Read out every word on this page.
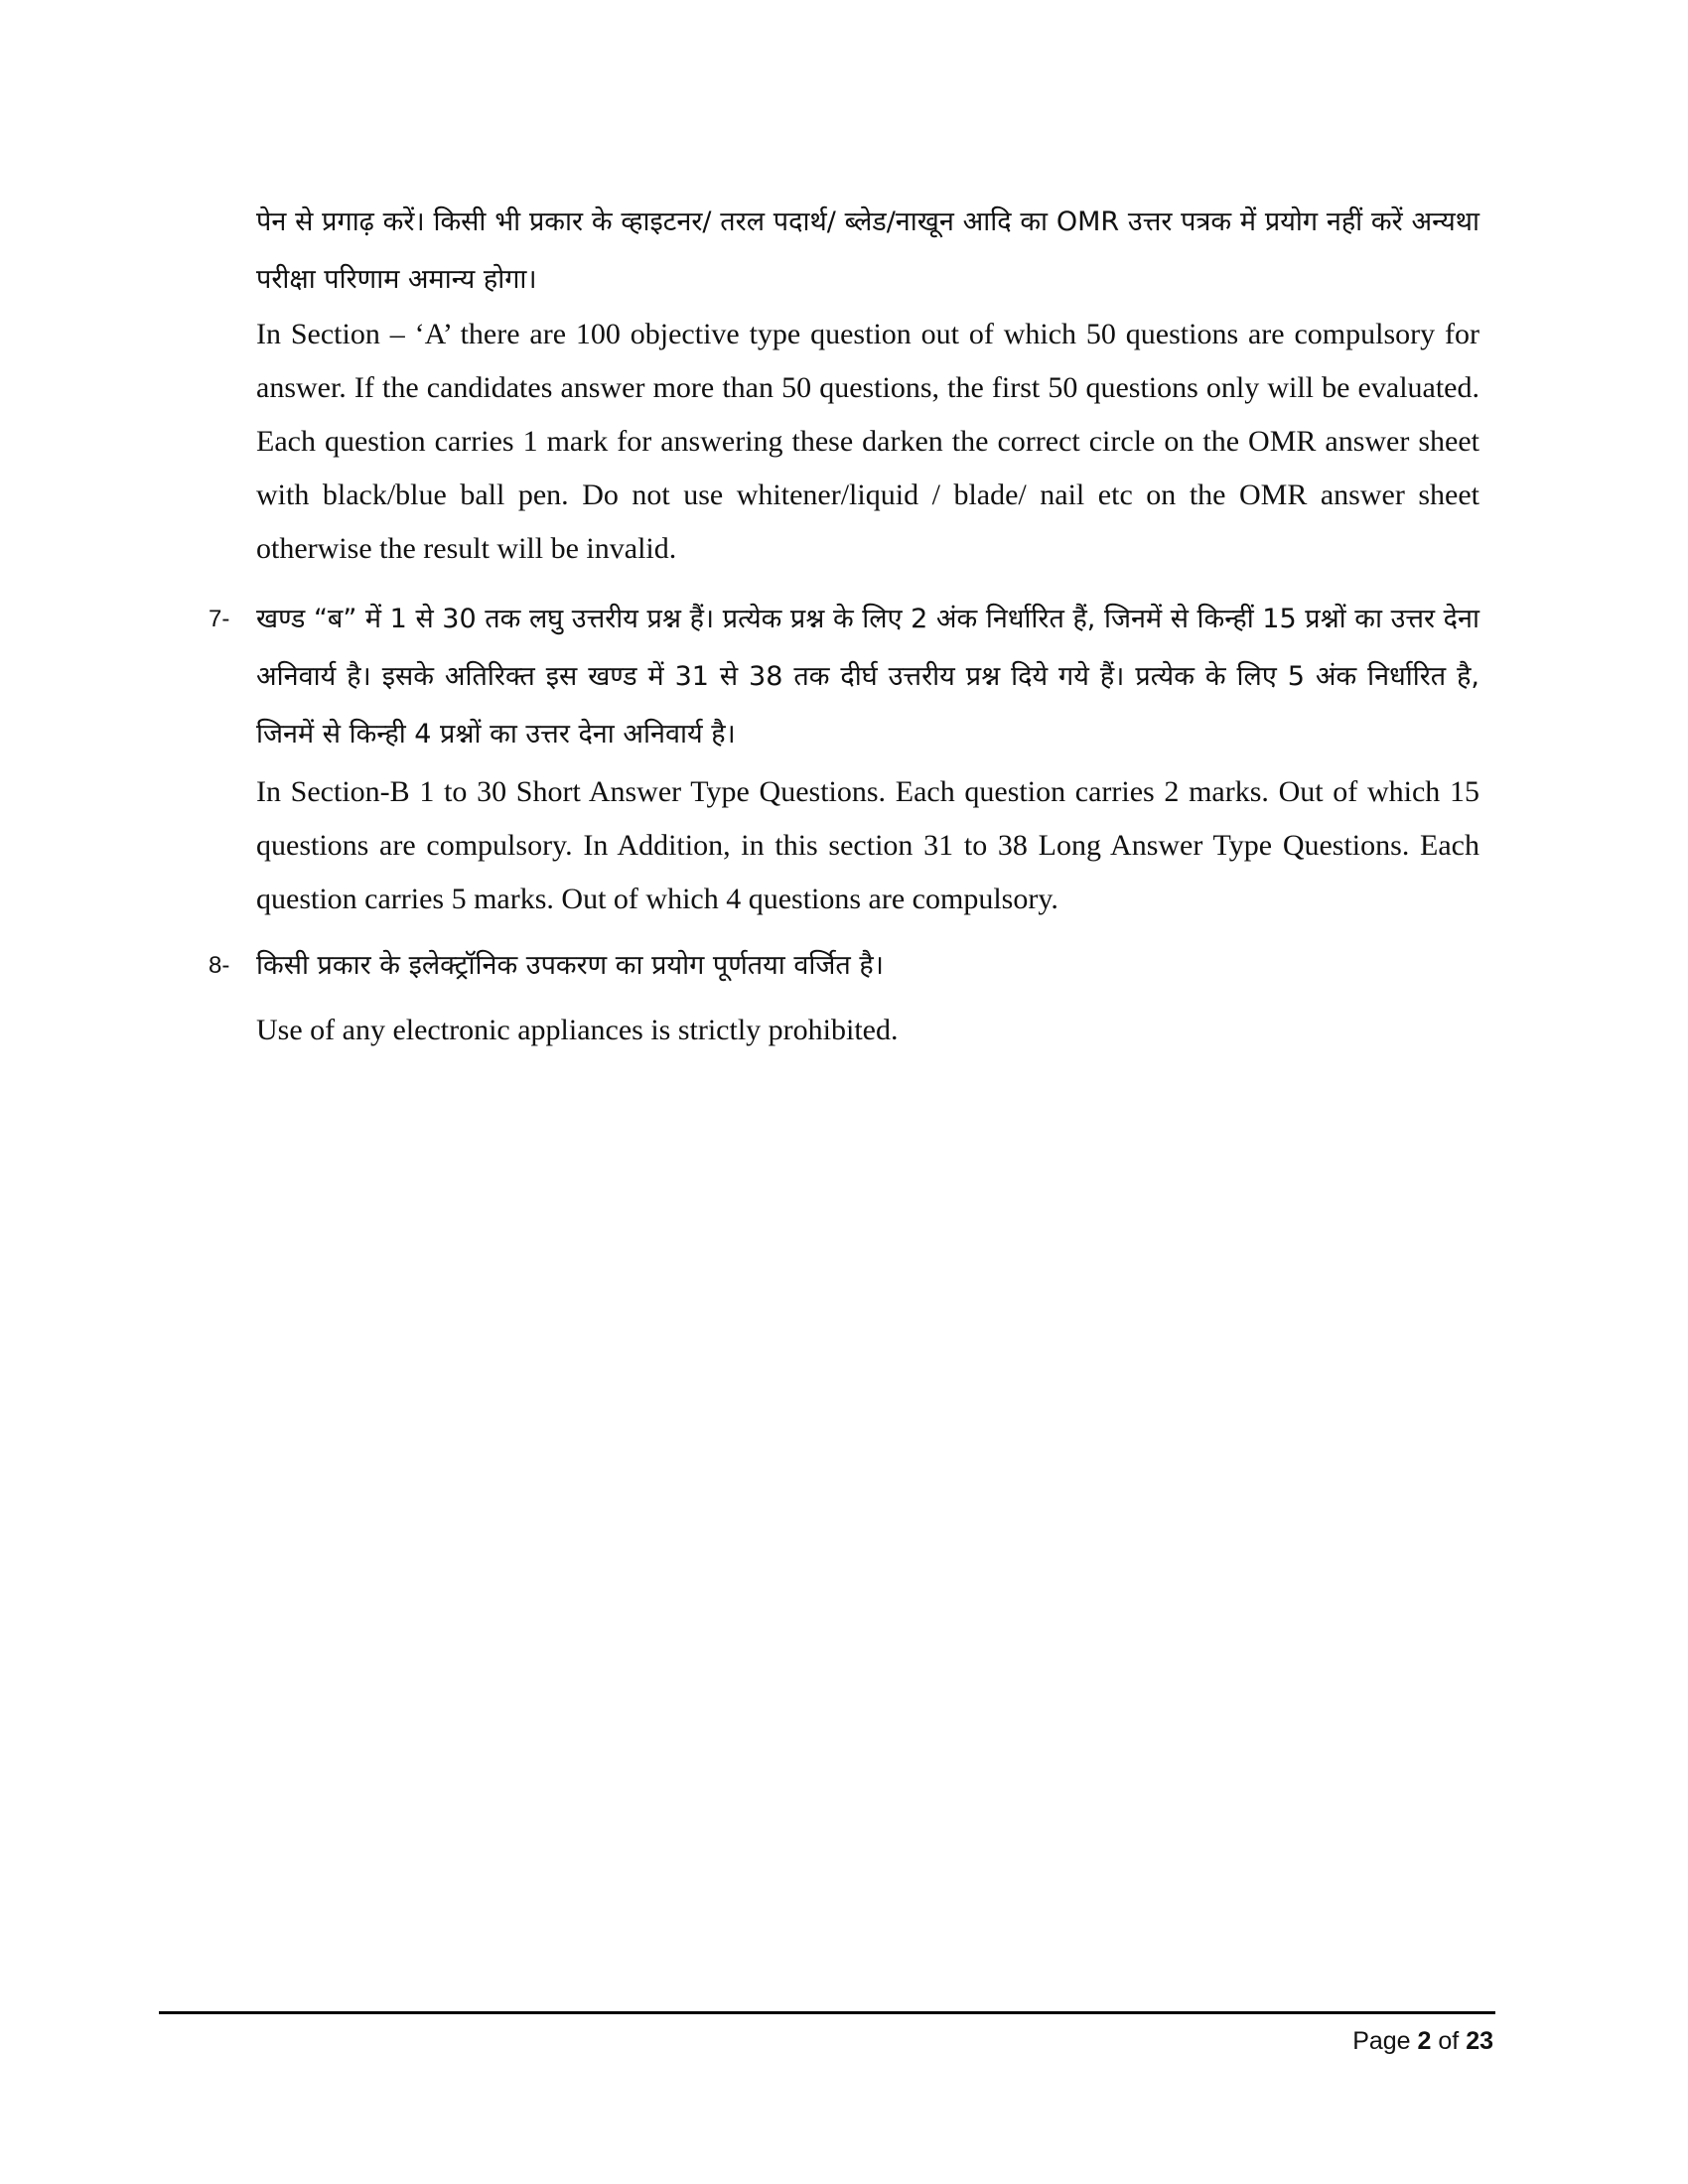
पेन से प्रगाढ़ करें। किसी भी प्रकार के व्हाइटनर/ तरल पदार्थ/ ब्लेड/नाखून आदि का OMR उत्तर पत्रक में प्रयोग नहीं करें अन्यथा परीक्षा परिणाम अमान्य होगा।
In Section – ‘A’ there are 100 objective type question out of which 50 questions are compulsory for answer. If the candidates answer more than 50 questions, the first 50 questions only will be evaluated. Each question carries 1 mark for answering these darken the correct circle on the OMR answer sheet with black/blue ball pen. Do not use whitener/liquid / blade/ nail etc on the OMR answer sheet otherwise the result will be invalid.
7- खण्ड “ब” में 1 से 30 तक लघु उत्तरीय प्रश्न हैं। प्रत्येक प्रश्न के लिए 2 अंक निर्धारित हैं, जिनमें से किन्हीं 15 प्रश्नों का उत्तर देना अनिवार्य है। इसके अतिरिक्त इस खण्ड में 31 से 38 तक दीर्घ उत्तरीय प्रश्न दिये गये हैं। प्रत्येक के लिए 5 अंक निर्धारित है, जिनमें से किन्ही 4 प्रश्नों का उत्तर देना अनिवार्य है।
In Section-B 1 to 30 Short Answer Type Questions. Each question carries 2 marks. Out of which 15 questions are compulsory. In Addition, in this section 31 to 38 Long Answer Type Questions. Each question carries 5 marks. Out of which 4 questions are compulsory.
8- किसी प्रकार के इलेक्ट्रॉनिक उपकरण का प्रयोग पूर्णतया वर्जित है।
Use of any electronic appliances is strictly prohibited.
Page 2 of 23
